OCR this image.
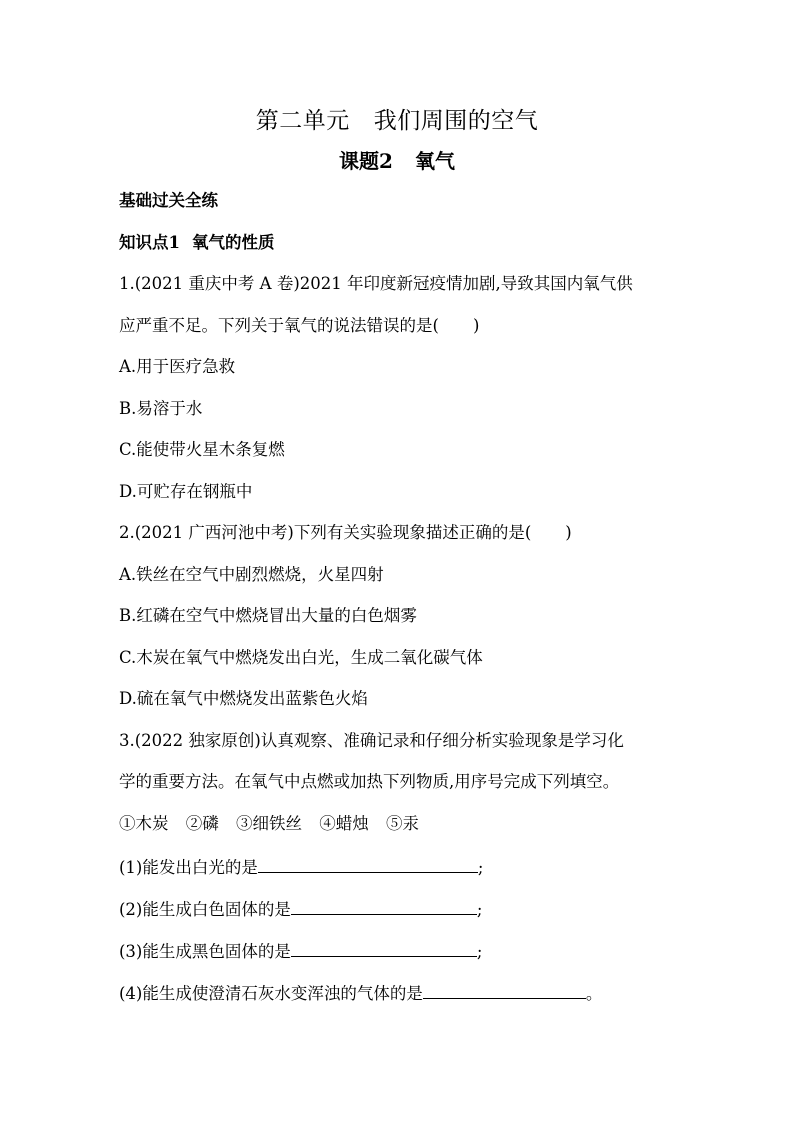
第二单元 我们周围的空气
课题2 氧气
基础过关全练
知识点1 氧气的性质
1.(2021 重庆中考 A 卷)2021 年印度新冠疫情加剧,导致其国内氧气供
应严重不足。下列关于氧气的说法错误的是( )
A.用于医疗急救
B.易溶于水
C.能使带火星木条复燃
D.可贮存在钢瓶中
2.(2021 广西河池中考)下列有关实验现象描述正确的是( )
A.铁丝在空气中剧烈燃烧，火星四射
B.红磷在空气中燃烧冒出大量的白色烟雾
C.木炭在氧气中燃烧发出白光，生成二氧化碳气体
D.硫在氧气中燃烧发出蓝紫色火焰
3.(2022 独家原创)认真观察、准确记录和仔细分析实验现象是学习化
学的重要方法。在氧气中点燃或加热下列物质,用序号完成下列填空。
①木炭 ②磷 ③细铁丝 ④蜡烛 ⑤汞
(1)能发出白光的是	;
(2)能生成白色固体的是	;
(3)能生成黑色固体的是	;
(4)能生成使澄清石灰水变浑浊的气体的是	。
